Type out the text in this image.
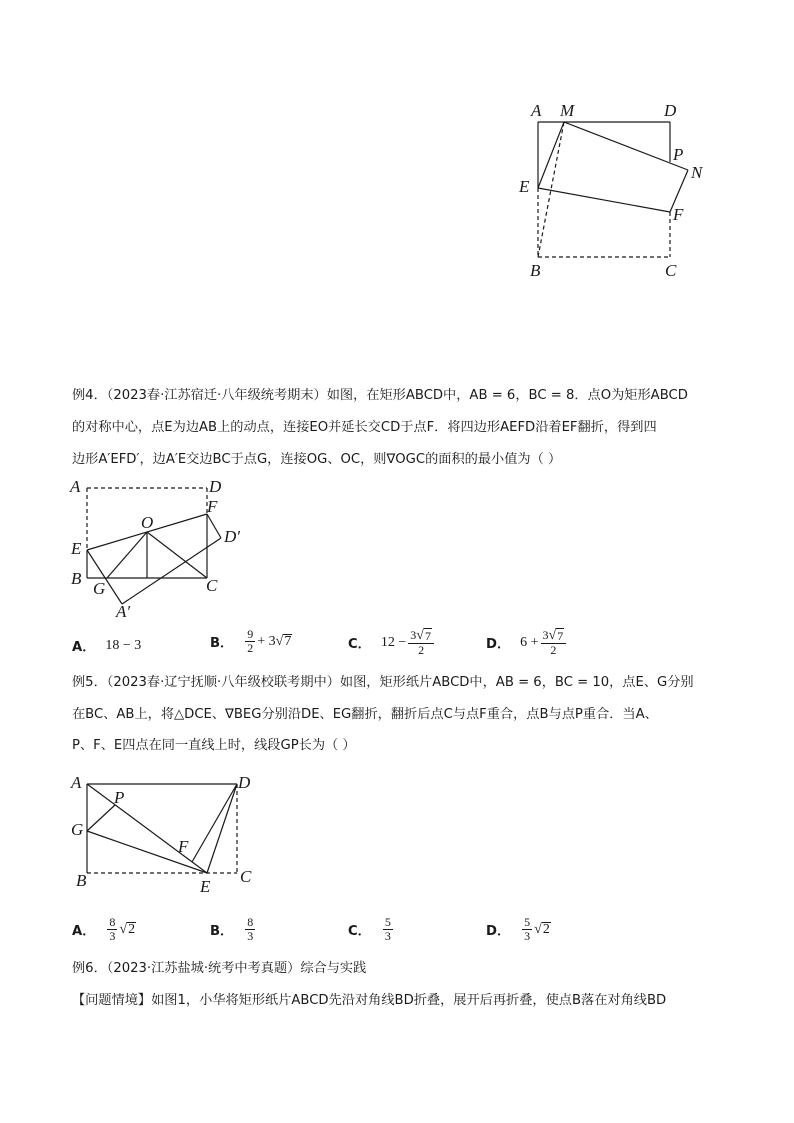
A M	D
P
N
E
F
B	C
例4．（2023春·江苏宿迁·八年级统考期末）如图，在矩形ABCD中，AB = 6，BC = 8．点O为矩形ABCD
的对称中心，点E为边AB上的动点，连接EO并延长交CD于点F．将四边形AEFD沿着EF翻折，得到四
边形A′EFD′，边A′E交边BC于点G，连接OG、OC，则∇OGC的面积的最小值为（ ）
A	D
F
O
D′
E
B
G	C
A′
A． 18 − 3	B． $\frac{9}{2} + 3$ √ 7	C． $12 - \frac{3 √ 7}{2}$	D． $6 + \frac{3 √ 7}{2}$
例5．（2023春·辽宁抚顺·八年级校联考期中）如图，矩形纸片ABCD中，AB = 6，BC = 10，点E、G分别
在BC、AB上，将△DCE、∇BEG分别沿DE、EG翻折，翻折后点C与点F重合，点B与点P重合．当A、
P、F、E四点在同一直线上时，线段GP长为（ ）
A	D
P
G
F
B	E
C
A． $\frac{8}{3}$ √ 2	B． $\frac{8}{3}$	C． $\frac{5}{3}$	D． $\frac{5}{3}$ √ 2
例6．（2023·江苏盐城·统考中考真题）综合与实践
【问题情境】如图1，小华将矩形纸片ABCD先沿对角线BD折叠，展开后再折叠，使点B落在对角线BD
